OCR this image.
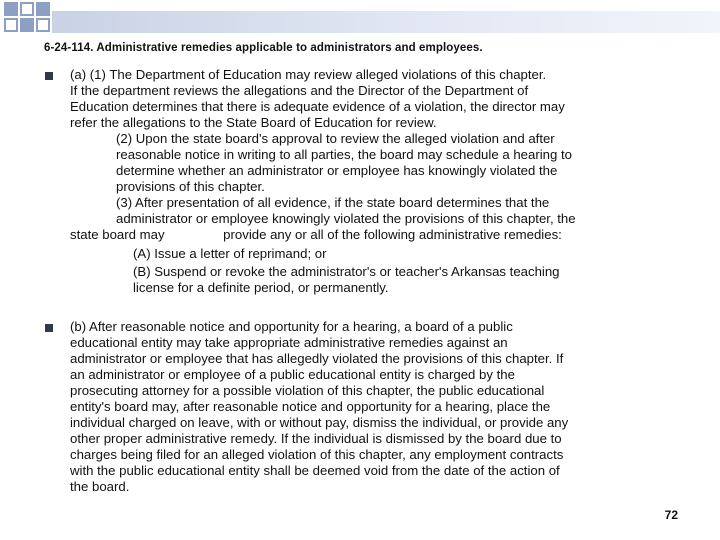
6-24-114. Administrative remedies applicable to administrators and employees.

(a) (1) The Department of Education may review alleged violations of this chapter.

If the department reviews the allegations and the Director of the Department of

Education determines that there is adequate evidence of a violation, the director may

refer the allegations to the State Board of Education for review.

(2) Upon the state board's approval to review the alleged violation and after

reasonable notice in writing to all parties, the board may schedule a hearing to

determine whether an administrator or employee has knowingly violated the

provisions of this chapter.

(3) After presentation of all evidence, if the state board determines that the

administrator or employee knowingly violated the provisions of this chapter, the

state board may                provide any or all of the following administrative remedies:

(A) Issue a letter of reprimand; or

(B) Suspend or revoke the administrator's or teacher's Arkansas teaching

license for a definite period, or permanently.

(b) After reasonable notice and opportunity for a hearing, a board of a public

educational entity may take appropriate administrative remedies against an

administrator or employee that has allegedly violated the provisions of this chapter. If

an administrator or employee of a public educational entity is charged by the

prosecuting attorney for a possible violation of this chapter, the public educational

entity's board may, after reasonable notice and opportunity for a hearing, place the

individual charged on leave, with or without pay, dismiss the individual, or provide any

other proper administrative remedy. If the individual is dismissed by the board due to

charges being filed for an alleged violation of this chapter, any employment contracts

with the public educational entity shall be deemed void from the date of the action of

the board.

72
